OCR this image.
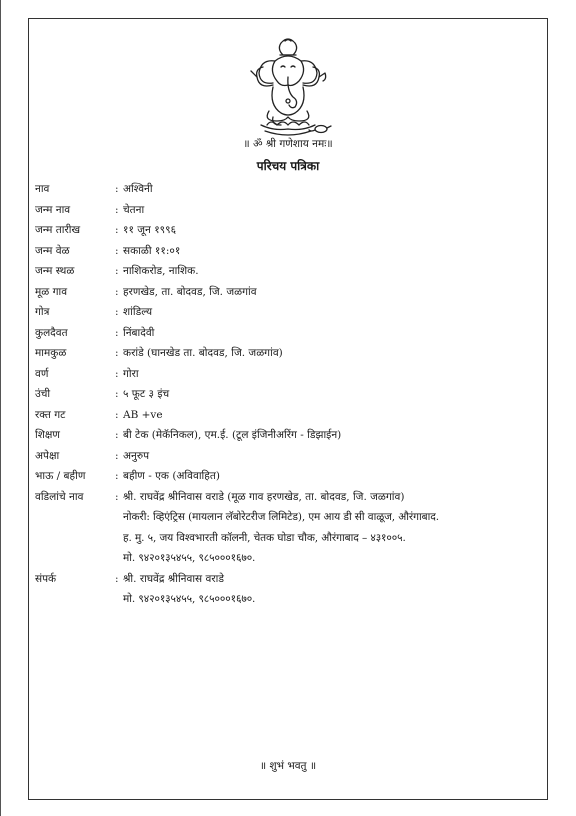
॥ ॐ श्री गणेशाय नमः॥
परिचय पत्रिका
नाव	: अश्विनी
जन्म नाव	: चेतना
जन्म तारीख	: ११ जून १९९६
जन्म वेळ	: सकाळी ११:०१
जन्म स्थळ	: नाशिकरोड, नाशिक.
मूळ गाव	: हरणखेड, ता. बोदवड, जि. जळगांव
गोत्र	: शांडिल्य
कुलदैवत	: निंबादेवी
मामकुळ	: करांडे (घानखेड ता. बोदवड, जि. जळगांव)
वर्ण	: गोरा
उंची	: ५ फूट ३ इंच
रक्त गट	: AB +ve
शिक्षण	: बी टेक (मेकॅनिकल), एम.ई. (टूल इंजिनीअरिंग - डिझाईन)
अपेक्षा	: अनुरुप
भाऊ / बहीण	: बहीण - एक (अविवाहित)
वडिलांचे नाव	: श्री. राघवेंद्र श्रीनिवास वराडे (मूळ गाव हरणखेड, ता. बोदवड, जि. जळगांव)
नोकरी: व्हिएंट्रिस (मायलान लॅबोरेटरीज लिमिटेड), एम आय डी सी वाळूज, औरंगाबाद.
ह. मु. ५, जय विश्वभारती कॉलनी, चेतक घोडा चौक, औरंगाबाद – ४३१००५.
मो. ९४२०१३५४५५, ९८५०००१६७०.
संपर्क	: श्री. राघवेंद्र श्रीनिवास वराडे
मो. ९४२०१३५४५५, ९८५०००१६७०.
॥ शुभं भवतु ॥
